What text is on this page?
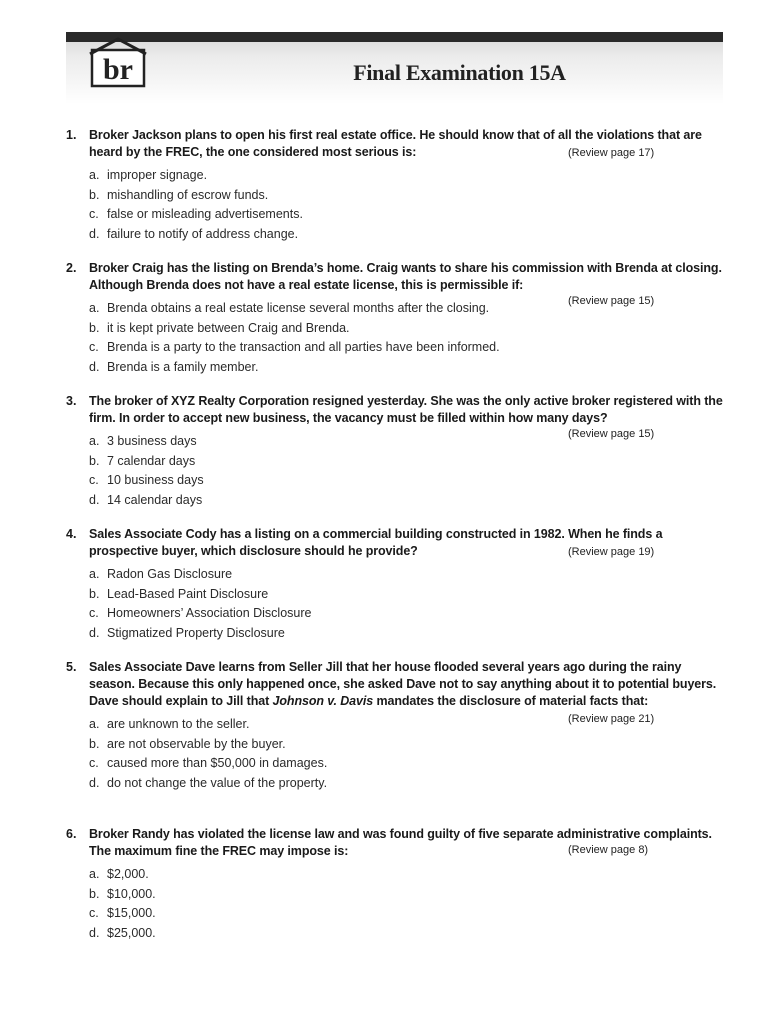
br	Final Examination 15A
1.	Broker Jackson plans to open his first real estate office. He should know that of all the violations that are heard by the FREC, the one considered most serious is:	(Review page 17)
a. improper signage.
b. mishandling of escrow funds.
c. false or misleading advertisements.
d. failure to notify of address change.
2.	Broker Craig has the listing on Brenda’s home. Craig wants to share his commission with Brenda at closing. Although Brenda does not have a real estate license, this is permissible if:
(Review page 15)
a. Brenda obtains a real estate license several months after the closing.
b. it is kept private between Craig and Brenda.
c. Brenda is a party to the transaction and all parties have been informed.
d. Brenda is a family member.
3.	The broker of XYZ Realty Corporation resigned yesterday. She was the only active broker registered with the firm. In order to accept new business, the vacancy must be filled within how many days?
(Review page 15)
a. 3 business days
b. 7 calendar days
c. 10 business days
d. 14 calendar days
4.	Sales Associate Cody has a listing on a commercial building constructed in 1982. When he finds a prospective buyer, which disclosure should he provide?	(Review page 19)
a. Radon Gas Disclosure
b. Lead-Based Paint Disclosure
c. Homeowners’ Association Disclosure
d. Stigmatized Property Disclosure
5.	Sales Associate Dave learns from Seller Jill that her house flooded several years ago during the rainy season. Because this only happened once, she asked Dave not to say anything about it to potential buyers. Dave should explain to Jill that Johnson v. Davis mandates the disclosure of material facts that:
(Review page 21)
a. are unknown to the seller.
b. are not observable by the buyer.
c. caused more than $50,000 in damages.
d. do not change the value of the property.
6.	Broker Randy has violated the license law and was found guilty of five separate administrative complaints. The maximum fine the FREC may impose is:	(Review page 8)
a. $2,000.
b. $10,000.
c. $15,000.
d. $25,000.
